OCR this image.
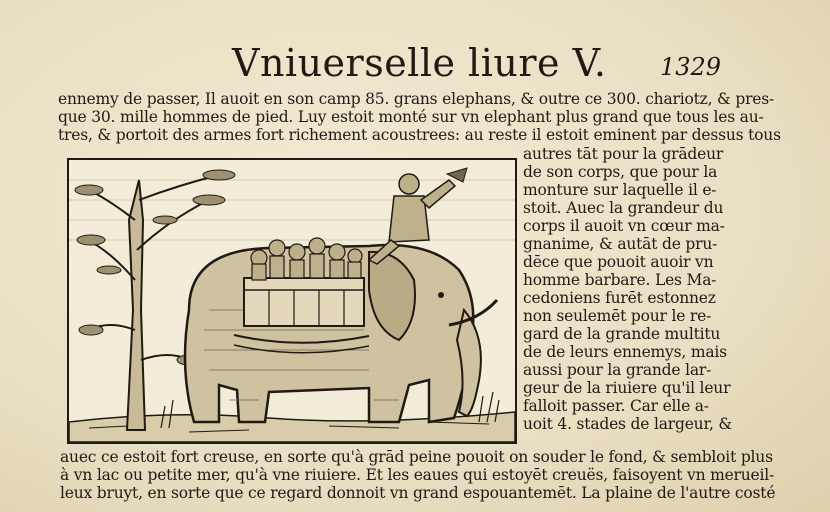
Vniuerselle liure V. 1329
ennemy de passer, Il auoit en son camp 85. grans elephans, & outre ce 300. chariotz, & pres-
que 30. mille hommes de pied. Luy estoit monté sur vn elephant plus grand que tous les au-
tres, & portoit des armes fort richement acoustrees: au reste il estoit eminent par dessus tous
autres tāt pour la grādeur
de son corps, que pour la
monture sur laquelle il e-
stoit. Auec la grandeur du
corps il auoit vn cœur ma-
gnanime, & autāt de pru-
dēce que pouoit auoir vn
homme barbare. Les Ma-
cedoniens furēt estonnez
non seulemēt pour le re-
gard de la grande multitu
de de leurs ennemys, mais
aussi pour la grande lar-
geur de la riuiere qu'il leur
falloit passer. Car elle a-
uoit 4. stades de largeur, &
auec ce estoit fort creuse, en sorte qu'à grād peine pouoit on souder le fond, & sembloit plus
à vn lac ou petite mer, qu'à vne riuiere. Et les eaues qui estoyēt creuës, faisoyent vn merueil-
leux bruyt, en sorte que ce regard donnoit vn grand espouantemēt. La plaine de l'autre costé
